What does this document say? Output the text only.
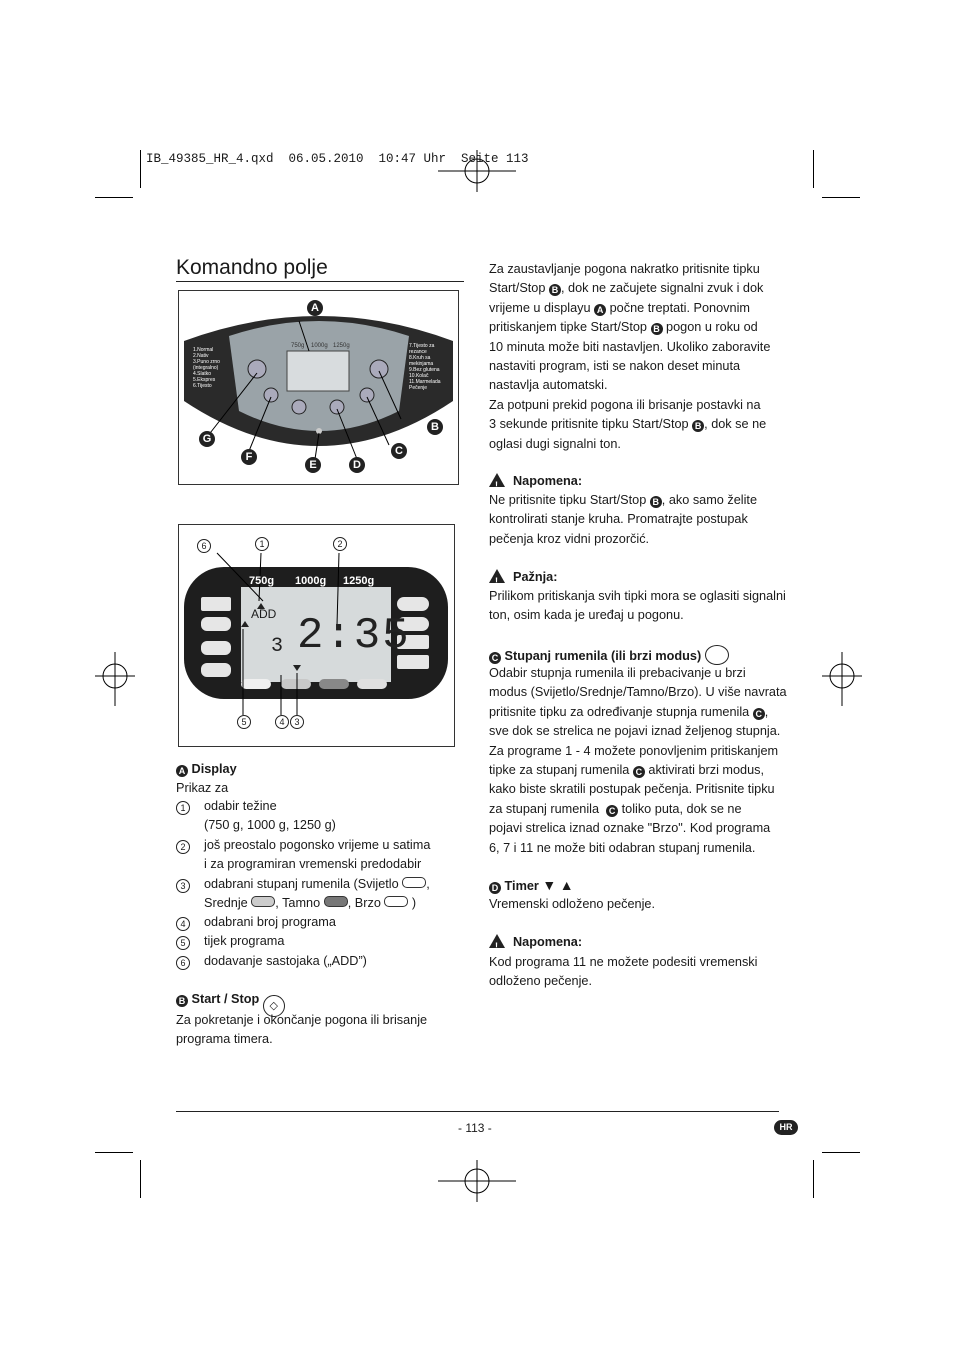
IB_49385_HR_4.qxd  06.05.2010  10:47 Uhr  Seite 113
Komandno polje
750g 1000g 1250g
1.Normal
2.Nativ
3.Puno zrno
(integralno)
4.Slatko
5.Ekspres
6.Tijesto
7.Tijesto za
rezance
8.Kruh sa
mekinjama
9.Bez glutena
10.Kolač
11.Marmelada
Pečenje
A
B
C
D
E
F
G
750g 1000g 1250g
ADD 2:35
3
6	1	2
5	4	3
A Display
Prikaz za
1	odabir težine
(750 g, 1000 g, 1250 g)
2	još preostalo pogonsko vrijeme u satima
i za programiran vremenski predodabir
3	odabrani stupanj rumenila (Svijetlo ,
Srednje , Tamno , Brzo  )
4	odabrani broj programa
5	tijek programa
6	dodavanje sastojaka („ADD”)
B Start / Stop ◇
Za pokretanje i okončanje pogona ili brisanje
programa timera.
Za zaustavljanje pogona nakratko pritisnite tipku
Start/Stop B , dok ne začujete signalni zvuk i dok
vrijeme u displayu A počne treptati. Ponovnim
pritiskanjem tipke Start/Stop B pogon u roku od
10 minuta može biti nastavljen. Ukoliko zaboravite
nastaviti program, isti se nakon deset minuta
nastavlja automatski.
Za potpuni prekid pogona ili brisanje postavki na
3 sekunde pritisnite tipku Start/Stop B , dok se ne
oglasi dugi signalni ton.
!Napomena:
Ne pritisnite tipku Start/Stop B , ako samo želite
kontrolirati stanje kruha. Promatrajte postupak
pečenja kroz vidni prozorčić.
!Pažnja:
Prilikom pritiskanja svih tipki mora se oglasiti signalni
ton, osim kada je uređaj u pogonu.
C Stupanj rumenila (ili brzi modus)
Odabir stupnja rumenila ili prebacivanje u brzi
modus (Svijetlo/Srednje/Tamno/Brzo). U više navrata
pritisnite tipku za određivanje stupnja rumenila C ,
sve dok se strelica ne pojavi iznad željenog stupnja.
Za programe 1 - 4 možete ponovljenim pritiskanjem
tipke za stupanj rumenila C aktivirati brzi modus,
kako biste skratili postupak pečenja. Pritisnite tipku
za stupanj rumenila C toliko puta, dok se ne
pojavi strelica iznad oznake "Brzo". Kod programa
6, 7 i 11 ne može biti odabran stupanj rumenila.
D Timer ▼ ▲
Vremenski odloženo pečenje.
!Napomena:
Kod programa 11 ne možete podesiti vremenski
odloženo pečenje.
- 113 -	HR
